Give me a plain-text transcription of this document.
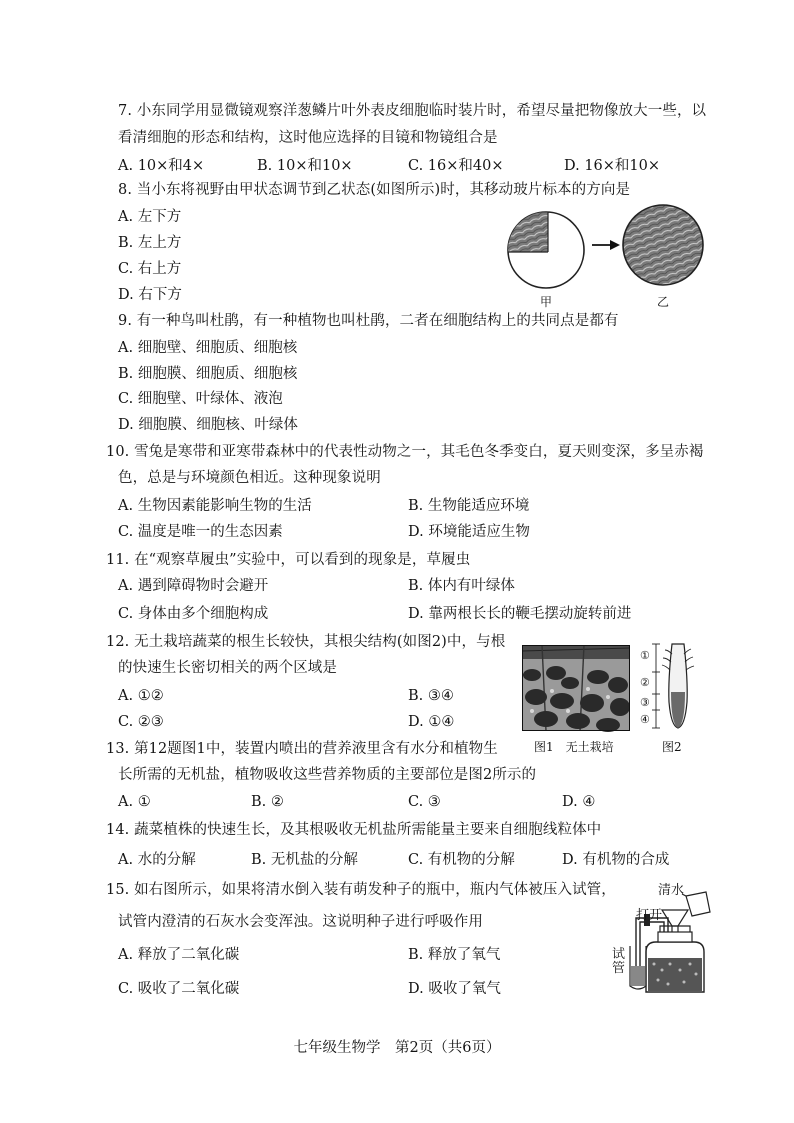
7. 小东同学用显微镜观察洋葱鳞片叶外表皮细胞临时装片时，希望尽量把物像放大一些，以
看清细胞的形态和结构，这时他应选择的目镜和物镜组合是
A. 10×和4×	B. 10×和10×	C. 16×和40×	D. 16×和10×
8. 当小东将视野由甲状态调节到乙状态(如图所示)时，其移动玻片标本的方向是
A. 左下方
B. 左上方
C. 右上方
D. 右下方	甲	乙
9. 有一种鸟叫杜鹃，有一种植物也叫杜鹃，二者在细胞结构上的共同点是都有
A. 细胞壁、细胞质、细胞核
B. 细胞膜、细胞质、细胞核
C. 细胞壁、叶绿体、液泡
D. 细胞膜、细胞核、叶绿体
10. 雪兔是寒带和亚寒带森林中的代表性动物之一，其毛色冬季变白，夏天则变深，多呈赤褐
色，总是与环境颜色相近。这种现象说明
A. 生物因素能影响生物的生活	B. 生物能适应环境
C. 温度是唯一的生态因素	D. 环境能适应生物
11. 在“观察草履虫”实验中，可以看到的现象是，草履虫
A. 遇到障碍物时会避开	B. 体内有叶绿体
C. 身体由多个细胞构成	D. 靠两根长长的鞭毛摆动旋转前进
12. 无土栽培蔬菜的根生长较快，其根尖结构(如图2)中，与根
的快速生长密切相关的两个区域是
A. ①②	B. ③④
C. ②③	D. ①④
①
②
③
④
图1　无土栽培	图2
13. 第12题图1中，装置内喷出的营养液里含有水分和植物生
长所需的无机盐，植物吸收这些营养物质的主要部位是图2所示的
A. ①	B. ②	C. ③	D. ④
14. 蔬菜植株的快速生长，及其根吸收无机盐所需能量主要来自细胞线粒体中
A. 水的分解	B. 无机盐的分解	C. 有机物的分解	D. 有机物的合成
15. 如右图所示，如果将清水倒入装有萌发种子的瓶中，瓶内气体被压入试管，
试管内澄清的石灰水会变浑浊。这说明种子进行呼吸作用
A. 释放了二氧化碳	B. 释放了氧气
C. 吸收了二氧化碳	D. 吸收了氧气
清水
打开
试管
七年级生物学　第2页（共6页）
